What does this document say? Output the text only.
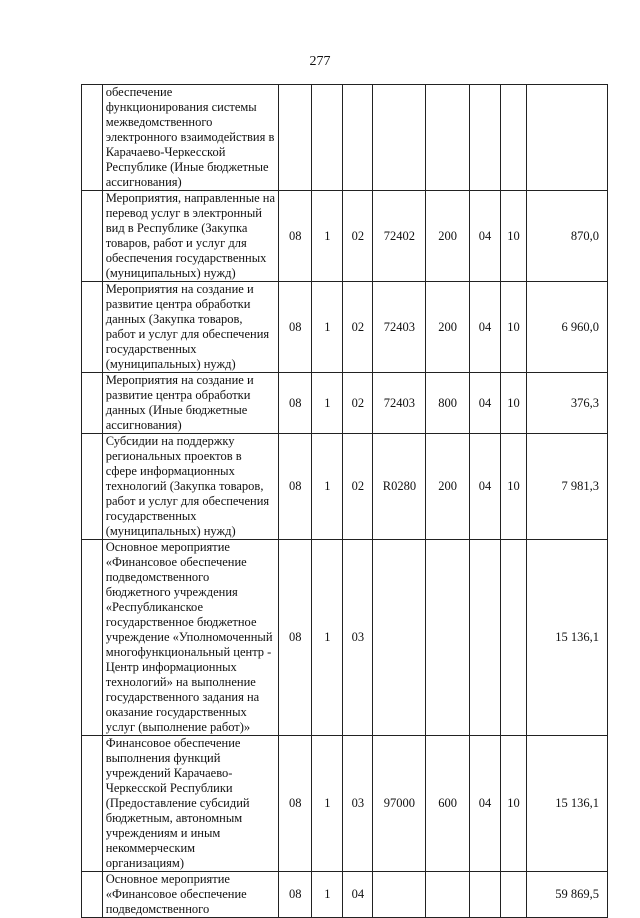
277
	обеспечение функционирования системы межведомственного электронного взаимодействия в Карачаево-Черкесской Республике (Иные бюджетные ассигнования)								
	Мероприятия, направленные на перевод услуг в электронный вид в Республике (Закупка товаров, работ и услуг для обеспечения государственных (муниципальных) нужд)	08	1	02	72402	200	04	10	870,0
	Мероприятия на создание и развитие центра обработки данных (Закупка товаров, работ и услуг для обеспечения государственных (муниципальных) нужд)	08	1	02	72403	200	04	10	6 960,0
	Мероприятия на создание и развитие центра обработки данных (Иные бюджетные ассигнования)	08	1	02	72403	800	04	10	376,3
	Субсидии на поддержку региональных проектов в сфере информационных технологий (Закупка товаров, работ и услуг для обеспечения государственных (муниципальных) нужд)	08	1	02	R0280	200	04	10	7 981,3
	Основное мероприятие «Финансовое обеспечение подведомственного бюджетного учреждения «Республиканское государственное бюджетное учреждение «Уполномоченный многофункциональный центр - Центр информационных технологий» на выполнение государственного задания на оказание государственных услуг (выполнение работ)»	08	1	03					15 136,1
	Финансовое обеспечение выполнения функций учреждений Карачаево-Черкесской Республики (Предоставление субсидий бюджетным, автономным учреждениям и иным некоммерческим организациям)	08	1	03	97000	600	04	10	15 136,1
	Основное мероприятие «Финансовое обеспечение подведомственного	08	1	04					59 869,5
